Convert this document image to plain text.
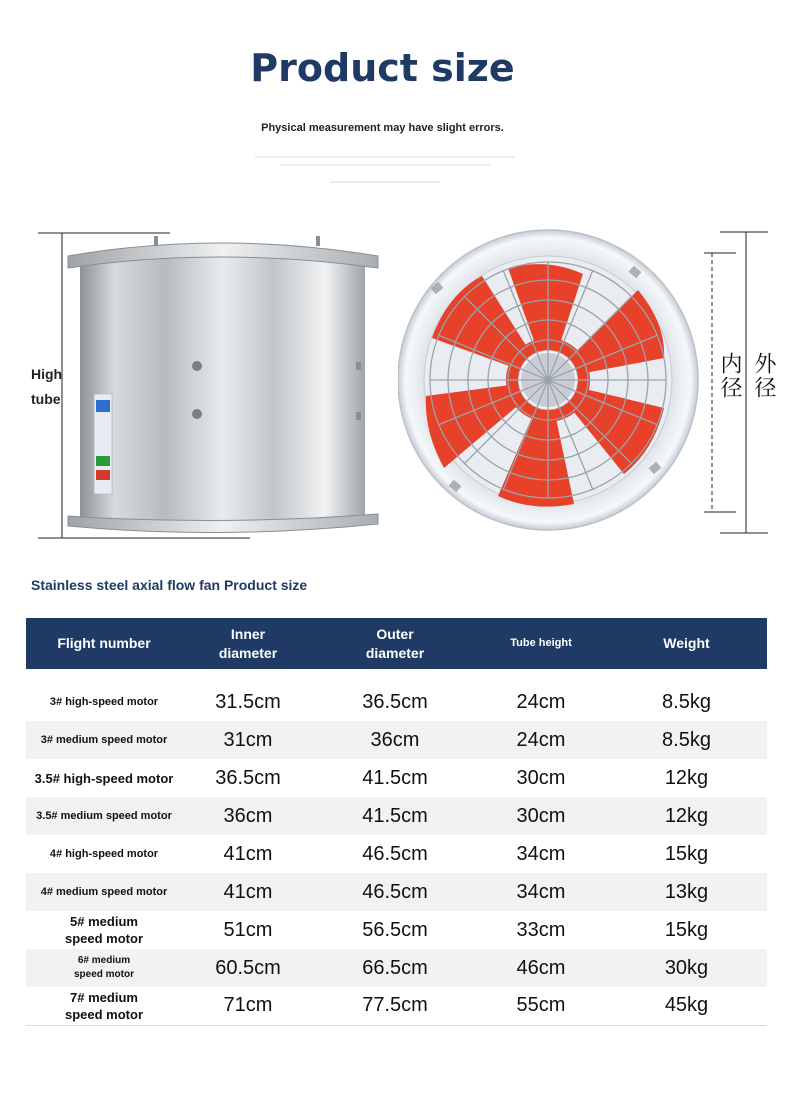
Product size
Physical measurement may have slight errors.
High
tube	外径
内径
Stainless steel axial flow fan Product size
Flight number	Inner diameter	Outer diameter	Tube height	Weight

3# high-speed motor	31.5cm	36.5cm	24cm	8.5kg
3# medium speed motor	31cm	36cm	24cm	8.5kg
3.5# high-speed motor	36.5cm	41.5cm	30cm	12kg
3.5# medium speed motor	36cm	41.5cm	30cm	12kg
4# high-speed motor	41cm	46.5cm	34cm	15kg
4# medium speed motor	41cm	46.5cm	34cm	13kg
5# medium speed motor	51cm	56.5cm	33cm	15kg
6# medium speed motor	60.5cm	66.5cm	46cm	30kg
7# medium speed motor	71cm	77.5cm	55cm	45kg
